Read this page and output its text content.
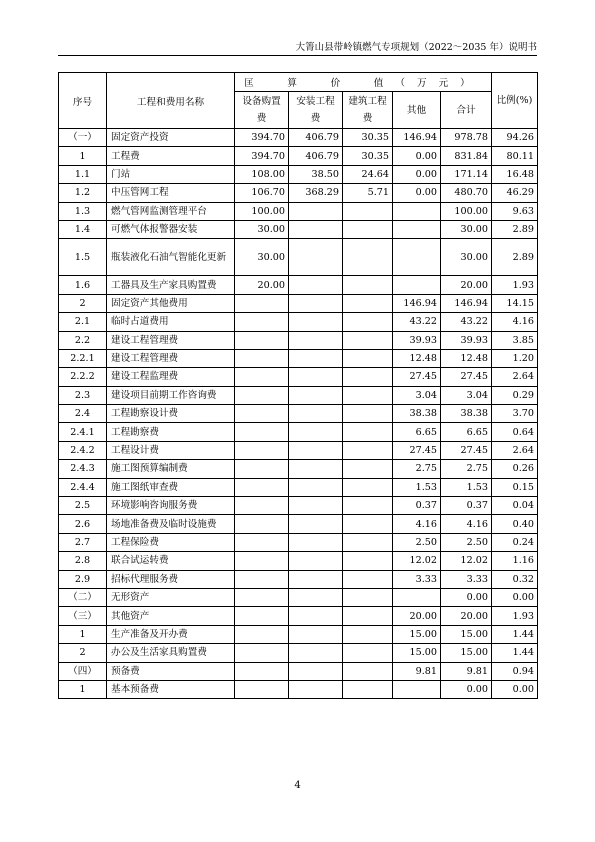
大箐山县带岭镇燃气专项规划（2022～2035 年）说明书
序号	工程和费用名称	匡　算　价　值（万元）					比例(%)
		设备购置费	安装工程费	建筑工程费	其他	合计	
（一）	固定资产投资	394.70	406.79	30.35	146.94	978.78	94.26
1	工程费	394.70	406.79	30.35	0.00	831.84	80.11
1.1	门站	108.00	38.50	24.64	0.00	171.14	16.48
1.2	中压管网工程	106.70	368.29	5.71	0.00	480.70	46.29
1.3	燃气管网监测管理平台	100.00				100.00	9.63
1.4	可燃气体报警器安装	30.00				30.00	2.89
1.5	瓶装液化石油气智能化更新	30.00				30.00	2.89
1.6	工器具及生产家具购置费	20.00				20.00	1.93
2	固定资产其他费用				146.94	146.94	14.15
2.1	临时占道费用				43.22	43.22	4.16
2.2	建设工程管理费				39.93	39.93	3.85
2.2.1	建设工程管理费				12.48	12.48	1.20
2.2.2	建设工程监理费				27.45	27.45	2.64
2.3	建设项目前期工作咨询费				3.04	3.04	0.29
2.4	工程勘察设计费				38.38	38.38	3.70
2.4.1	工程勘察费				6.65	6.65	0.64
2.4.2	工程设计费				27.45	27.45	2.64
2.4.3	施工图预算编制费				2.75	2.75	0.26
2.4.4	施工图纸审查费				1.53	1.53	0.15
2.5	环境影响咨询服务费				0.37	0.37	0.04
2.6	场地准备费及临时设施费				4.16	4.16	0.40
2.7	工程保险费				2.50	2.50	0.24
2.8	联合试运转费				12.02	12.02	1.16
2.9	招标代理服务费				3.33	3.33	0.32
（二）	无形资产					0.00	0.00
（三）	其他资产				20.00	20.00	1.93
1	生产准备及开办费				15.00	15.00	1.44
2	办公及生活家具购置费				15.00	15.00	1.44
（四）	预备费				9.81	9.81	0.94
1	基本预备费					0.00	0.00
4
